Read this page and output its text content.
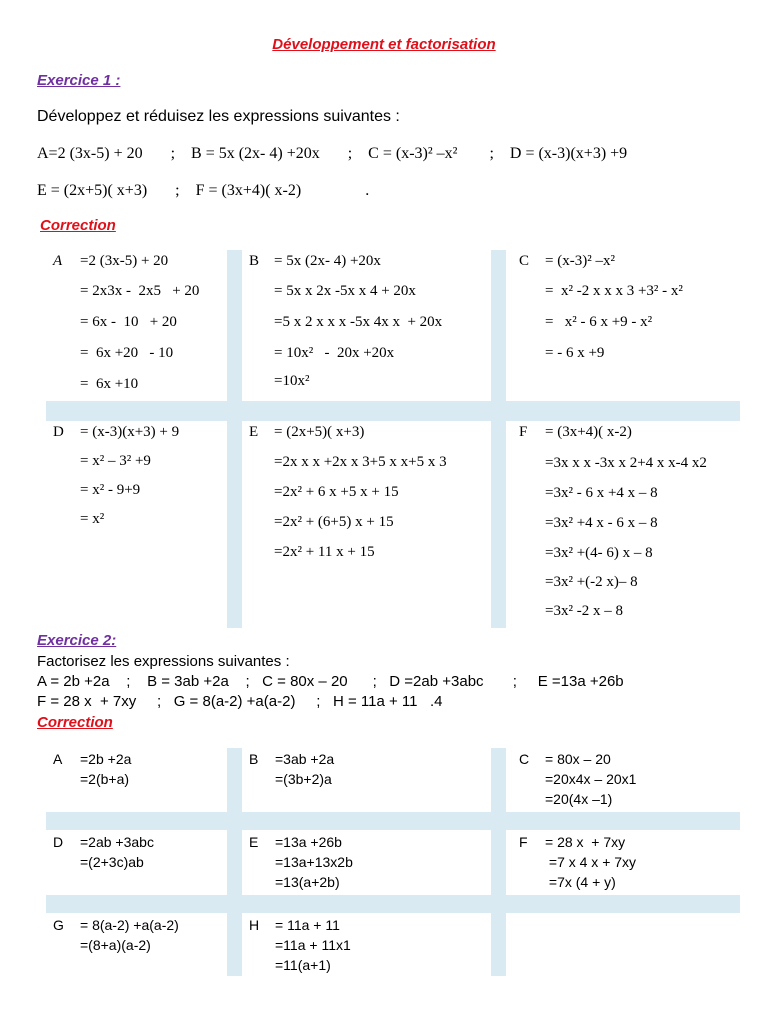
Développement et factorisation
Exercice 1 :
Développez et réduisez les expressions suivantes :
A=2 (3x-5) + 20       ;    B = 5x (2x- 4) +20x       ;    C = (x-3)² –x²        ;    D = (x-3)(x+3) +9
E = (2x+5)( x+3)       ;    F = (3x+4)( x-2)                .
Correction
A =2 (3x-5) + 20
= 2x3x -  2x5   + 20
= 6x -  10   + 20
=  6x +20   - 10
=  6x +10
B = 5x (2x- 4) +20x
= 5x x 2x -5x x 4 + 20x
=5 x 2 x x x -5x 4x x  + 20x
= 10x²   -  20x +20x
=10x²
C = (x-3)² –x²
=  x² -2 x x x 3 +3² - x²
=   x² - 6 x +9 - x²
= - 6 x +9
D = (x-3)(x+3) + 9
= x² – 3² +9
= x² - 9+9
= x²
E = (2x+5)( x+3)
=2x x x +2x x 3+5 x x+5 x 3
=2x² + 6 x +5 x + 15
=2x² + (6+5) x + 15
=2x² + 11 x + 15
F = (3x+4)( x-2)
=3x x x -3x x 2+4 x x-4 x2
=3x² - 6 x +4 x – 8
=3x² +4 x - 6 x – 8
=3x² +(4- 6) x – 8
=3x² +(-2 x)– 8
=3x² -2 x – 8
Exercice 2:
Factorisez les expressions suivantes :
A = 2b +2a    ;    B = 3ab +2a    ;   C = 80x – 20      ;   D =2ab +3abc       ;     E =13a +26b
F = 28 x  + 7xy     ;   G = 8(a-2) +a(a-2)     ;   H = 11a + 11   .4
Correction
A =2b +2a
=2(b+a)
B =3ab +2a
=(3b+2)a
C = 80x – 20
=20x4x – 20x1
=20(4x –1)
D =2ab +3abc
=(2+3c)ab
E =13a +26b
=13a+13x2b
=13(a+2b)
F = 28 x  + 7xy
=7 x 4 x + 7xy
=7x (4 + y)
G = 8(a-2) +a(a-2)
=(8+a)(a-2)
H = 11a + 11
=11a + 11x1
=11(a+1)
